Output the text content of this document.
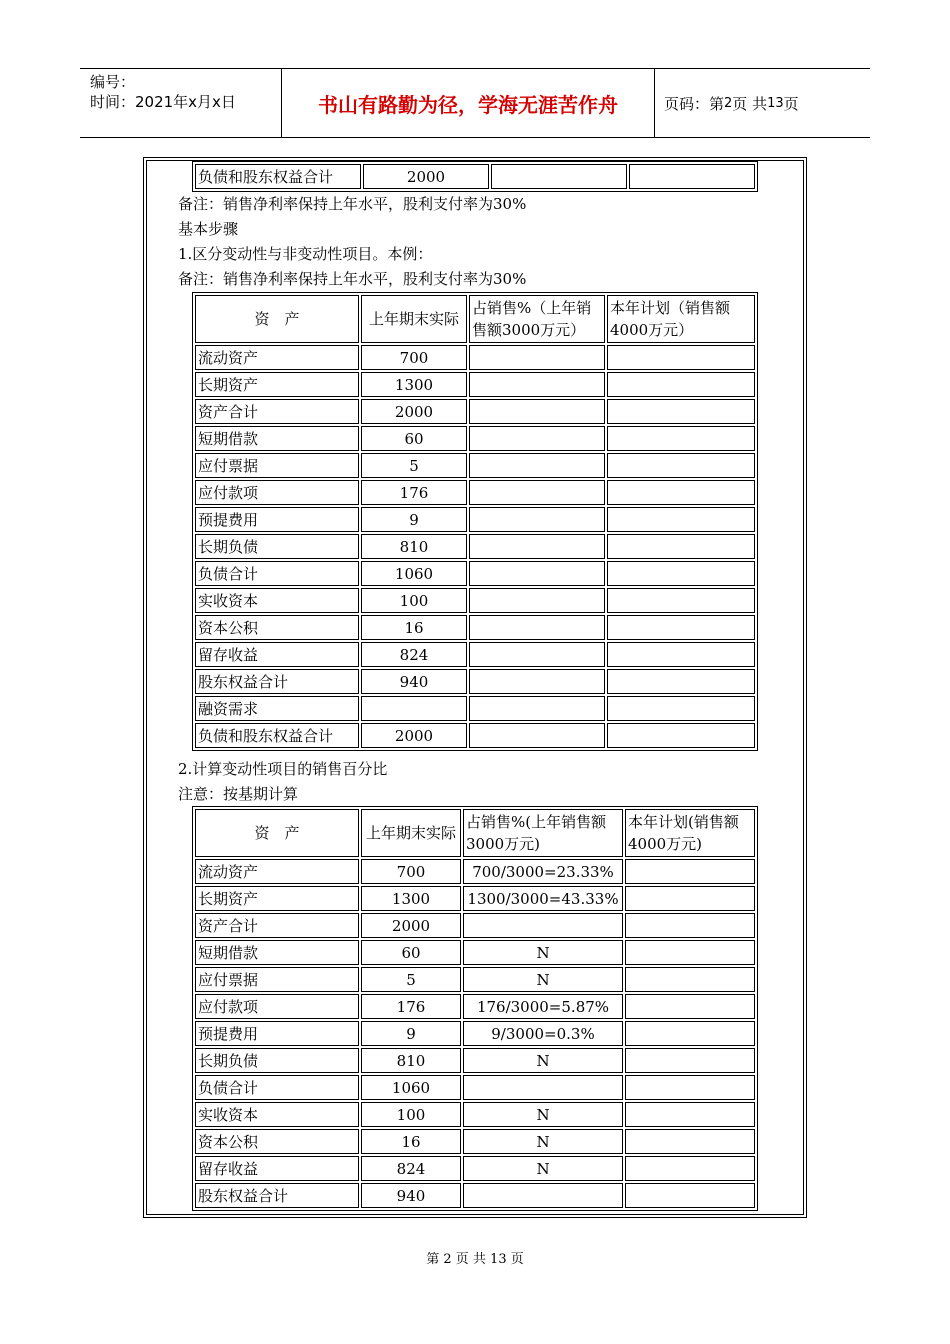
编号：
时间：2021年x月x日	书山有路勤为径，学海无涯苦作舟	页码：第 2 页 共 13 页
负债和股东权益合计	2000		
备注：销售净利率保持上年水平，股利支付率为30%
基本步骤
1.区分变动性与非变动性项目。本例：
备注：销售净利率保持上年水平，股利支付率为30%
资　产	上年期末实际	占销售%（上年销售额3000万元）	本年计划（销售额4000万元）
流动资产	700		
长期资产	1300		
资产合计	2000		
短期借款	60		
应付票据	5		
应付款项	176		
预提费用	9		
长期负债	810		
负债合计	1060		
实收资本	100		
资本公积	16		
留存收益	824		
股东权益合计	940		
融资需求			
负债和股东权益合计	2000		
2.计算变动性项目的销售百分比
注意：按基期计算
资　产	上年期末实际	占销售%(上年销售额3000万元)	本年计划(销售额4000万元)
流动资产	700	700/3000=23.33%	
长期资产	1300	1300/3000=43.33%	
资产合计	2000		
短期借款	60	N	
应付票据	5	N	
应付款项	176	176/3000=5.87%	
预提费用	9	9/3000=0.3%	
长期负债	810	N	
负债合计	1060		
实收资本	100	N	
资本公积	16	N	
留存收益	824	N	
股东权益合计	940		
第 2 页 共 13 页
